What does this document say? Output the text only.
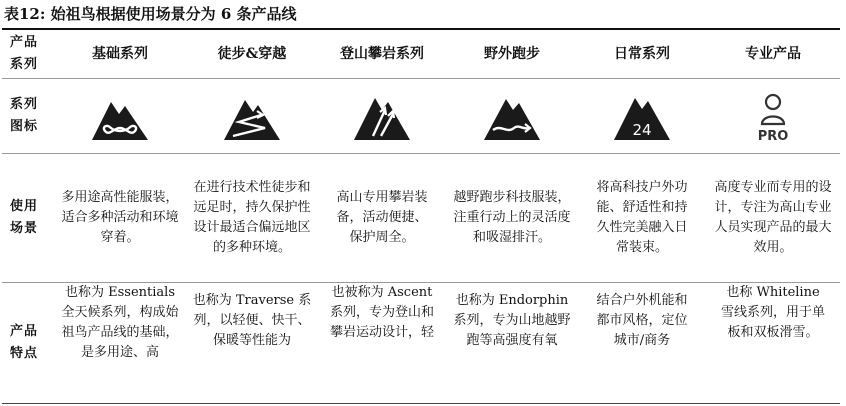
表12: 始祖鸟根据使用场景分为 6 条产品线
产品系列	基础系列	徒步&穿越	登山攀岩系列	野外跑步	日常系列	专业产品
系列图标					24	PRO

使用场景	多用途高性能服装，适合多种活动和环境穿着。	在进行技术性徒步和远足时，持久保护性设计最适合偏远地区的多种环境。	高山专用攀岩装备，活动便捷、保护周全。	越野跑步科技服装，注重行动上的灵活度和吸湿排汗。	将高科技户外功能、舒适性和持久性完美融入日常装束。	高度专业而专用的设计，专注为高山专业人员实现产品的最大效用。

产品特点	也称为 Essentials 全天候系列，构成始祖鸟产品线的基础，是多用途、高	也称为 Traverse 系列，以轻便、快干、保暖等性能为	也被称为 Ascent 系列，专为登山和攀岩运动设计，轻	也称为 Endorphin 系列，专为山地越野跑等高强度有氧	结合户外机能和都市风格，定位城市/商务	也称 Whiteline 雪线系列，用于单板和双板滑雪。
